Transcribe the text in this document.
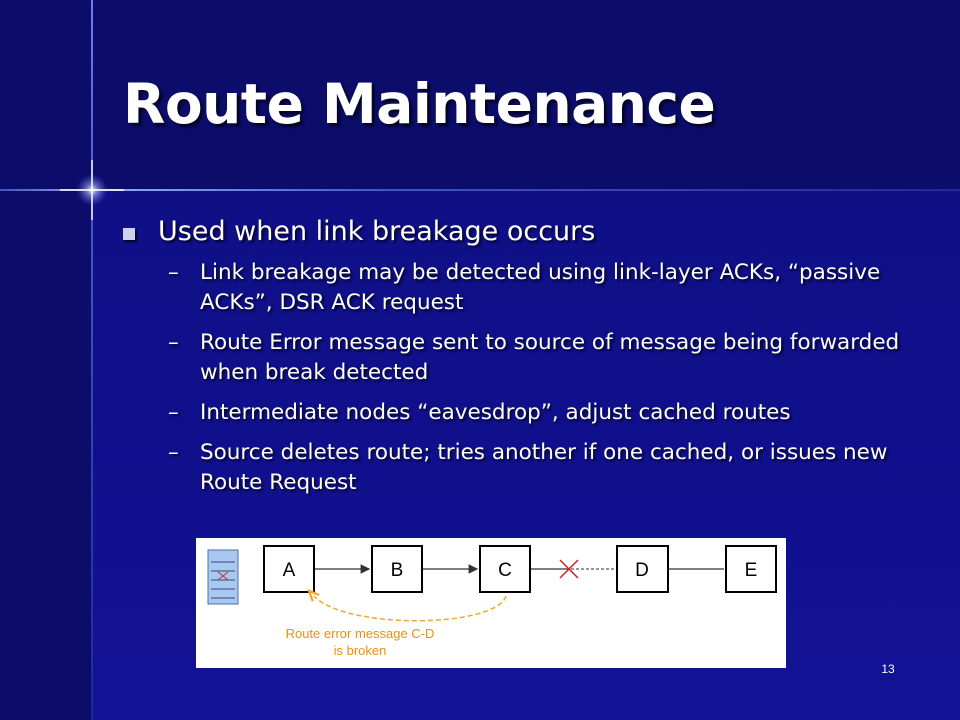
Route Maintenance
Used when link breakage occurs
– Link breakage may be detected using link-layer ACKs, “passive ACKs”, DSR ACK request
– Route Error message sent to source of message being forwarded when break detected
– Intermediate nodes “eavesdrop”, adjust cached routes
– Source deletes route; tries another if one cached, or issues new Route Request
A	B	C	D	E
Route error message C-D
is broken
13
